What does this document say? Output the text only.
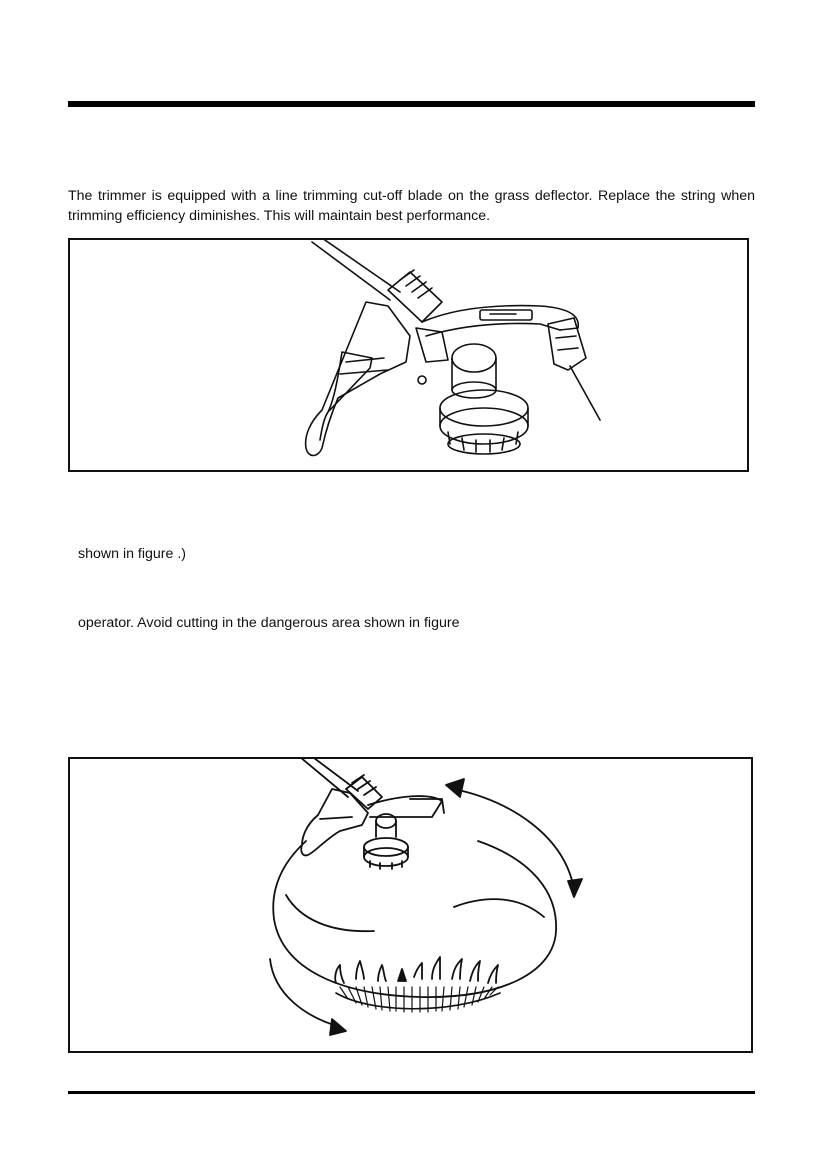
The trimmer is equipped with a line trimming cut-off blade on the grass deflector. Replace the string when trimming efficiency diminishes. This will maintain best performance.

shown in figure .)
operator. Avoid cutting in the dangerous area shown in figure
